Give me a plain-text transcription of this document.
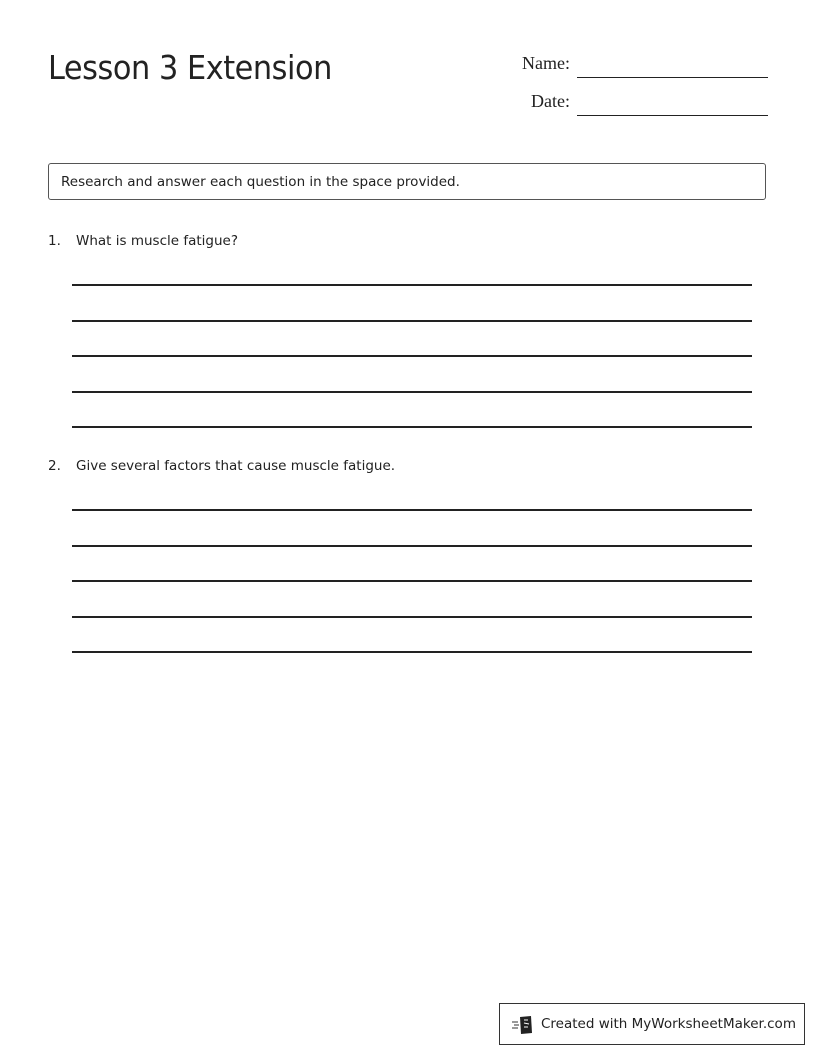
Lesson 3 Extension	Name:
Date:
Research and answer each question in the space provided.
1. What is muscle fatigue?
2. Give several factors that cause muscle fatigue.
Created with MyWorksheetMaker.com
